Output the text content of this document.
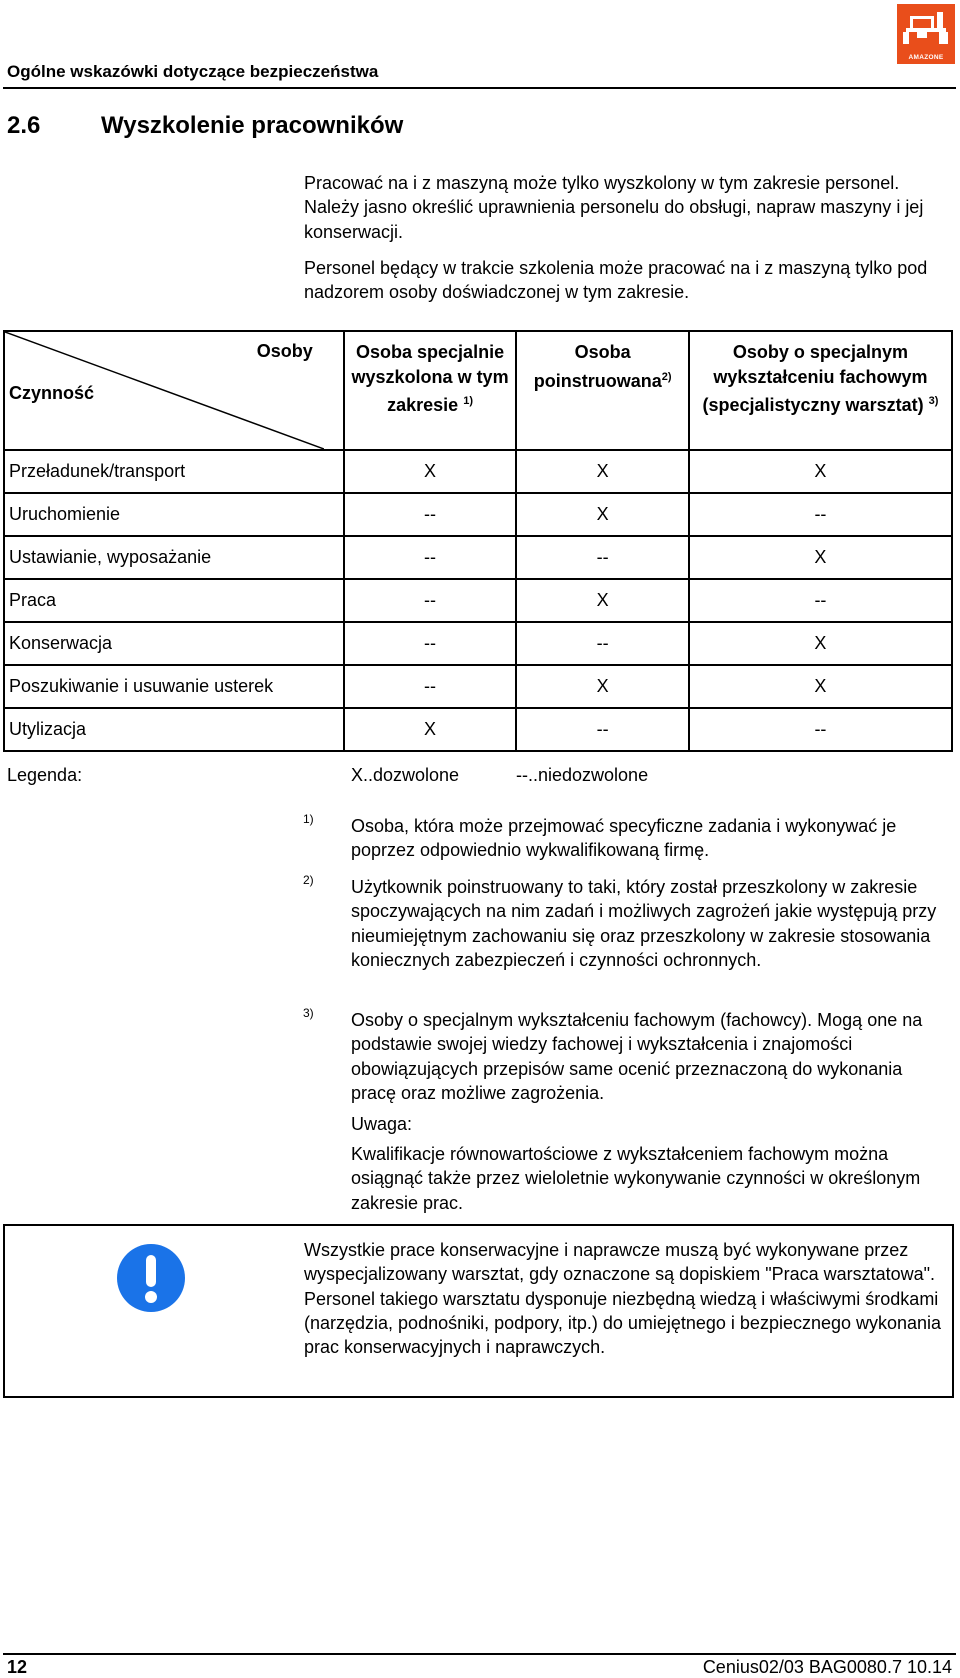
Ogólne wskazówki dotyczące bezpieczeństwa
AMAZONE
2.6	Wyszkolenie pracowników
Pracować na i z maszyną może tylko wyszkolony w tym zakresie personel. Należy jasno określić uprawnienia personelu do obsługi, napraw maszyny i jej konserwacji.
Personel będący w trakcie szkolenia może pracować na i z maszyną tylko pod nadzorem osoby doświadczonej w tym zakresie.
Osoby
Czynność	Osoba specjalnie wyszkolona w tym zakresie $^{1)}$	Osoba poinstruowana$^{2)}$	Osoby o specjalnym wykształceniu fachowym (specjalistyczny warsztat) $^{3)}$
Przeładunek/transport	X	X	X
Uruchomienie	--	X	--
Ustawianie, wyposażanie	--	--	X
Praca	--	X	--
Konserwacja	--	--	X
Poszukiwanie i usuwanie usterek	--	X	X
Utylizacja	X	--	--
Legenda:	X..dozwolone	--..niedozwolone
1) Osoba, która może przejmować specyficzne zadania i wykonywać je poprzez odpowiednio wykwalifikowaną firmę.
2) Użytkownik poinstruowany to taki, który został przeszkolony w zakresie spoczywających na nim zadań i możliwych zagrożeń jakie występują przy nieumiejętnym zachowaniu się oraz przeszkolony w zakresie stosowania koniecznych zabezpieczeń i czynności ochronnych.
3) Osoby o specjalnym wykształceniu fachowym (fachowcy). Mogą one na podstawie swojej wiedzy fachowej i wykształcenia i znajomości obowiązujących przepisów same ocenić przeznaczoną do wykonania pracę oraz możliwe zagrożenia.
Uwaga:
Kwalifikacje równowartościowe z wykształceniem fachowym można osiągnąć także przez wieloletnie wykonywanie czynności w określonym zakresie prac.
Wszystkie prace konserwacyjne i naprawcze muszą być wykonywane przez wyspecjalizowany warsztat, gdy oznaczone są dopiskiem "Praca warsztatowa". Personel takiego warsztatu dysponuje niezbędną wiedzą i właściwymi środkami (narzędzia, podnośniki, podpory, itp.) do umiejętnego i bezpiecznego wykonania prac konserwacyjnych i naprawczych.
12	Cenius02/03 BAG0080.7 10.14
